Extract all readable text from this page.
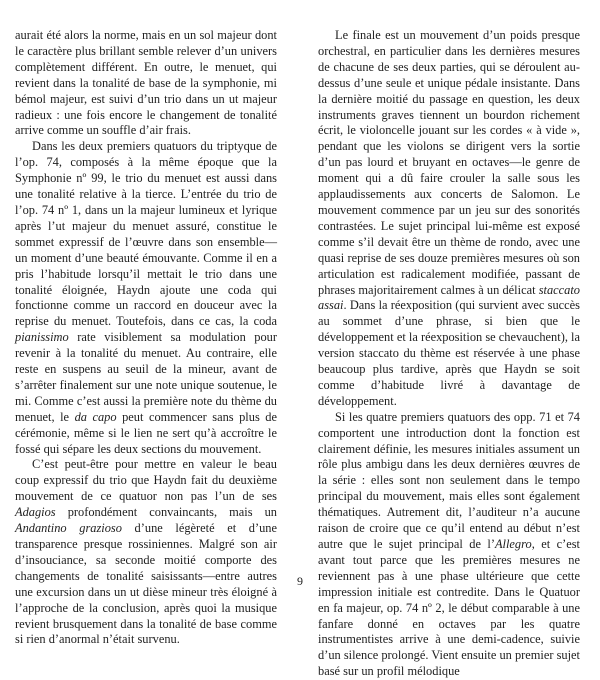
aurait été alors la norme, mais en un sol majeur dont le caractère plus brillant semble relever d’un univers complètement différent. En outre, le menuet, qui revient dans la tonalité de base de la symphonie, mi bémol majeur, est suivi d’un trio dans un ut majeur radieux : une fois encore le changement de tonalité arrive comme un souffle d’air frais.

Dans les deux premiers quatuors du triptyque de l’op. 74, composés à la même époque que la Symphonie nº 99, le trio du menuet est aussi dans une tonalité relative à la tierce. L’entrée du trio de l’op. 74 nº 1, dans un la majeur lumineux et lyrique après l’ut majeur du menuet assuré, constitue le sommet expressif de l’œuvre dans son ensemble—un moment d’une beauté émouvante. Comme il en a pris l’habitude lorsqu’il mettait le trio dans une tonalité éloignée, Haydn ajoute une coda qui fonctionne comme un raccord en douceur avec la reprise du menuet. Toutefois, dans ce cas, la coda pianissimo rate visiblement sa modulation pour revenir à la tonalité du menuet. Au contraire, elle reste en suspens au seuil de la mineur, avant de s’arrêter finalement sur une note unique soutenue, le mi. Comme c’est aussi la première note du thème du menuet, le da capo peut commencer sans plus de cérémonie, même si le lien ne sert qu’à accroître le fossé qui sépare les deux sections du mouvement.

C’est peut-être pour mettre en valeur le beau coup expressif du trio que Haydn fait du deuxième mouvement de ce quatuor non pas l’un de ses Adagios profondément convaincants, mais un Andantino grazioso d’une légèreté et d’une transparence presque rossiniennes. Malgré son air d’insouciance, sa seconde moitié comporte des changements de tonalité saisissants—entre autres une excursion dans un ut dièse mineur très éloigné à l’approche de la conclusion, après quoi la musique revient brusquement dans la tonalité de base comme si rien d’anormal n’était survenu.

Le finale est un mouvement d’un poids presque orchestral, en particulier dans les dernières mesures de chacune de ses deux parties, qui se déroulent au-dessus d’une seule et unique pédale insistante. Dans la dernière moitié du passage en question, les deux instruments graves tiennent un bourdon richement écrit, le violoncelle jouant sur les cordes « à vide », pendant que les violons se dirigent vers la sortie d’un pas lourd et bruyant en octaves—le genre de moment qui a dû faire crouler la salle sous les applaudissements aux concerts de Salomon. Le mouvement commence par un jeu sur des sonorités contrastées. Le sujet principal lui-même est exposé comme s’il devait être un thème de rondo, avec une quasi reprise de ses douze premières mesures où son articulation est radicalement modifiée, passant de phrases majoritairement calmes à un délicat staccato assai. Dans la réexposition (qui survient avec succès au sommet d’une phrase, si bien que le développement et la réexposition se chevauchent), la version staccato du thème est réservée à une phase beaucoup plus tardive, après que Haydn se soit comme d’habitude livré à davantage de développement.

Si les quatre premiers quatuors des opp. 71 et 74 comportent une introduction dont la fonction est clairement définie, les mesures initiales assument un rôle plus ambigu dans les deux dernières œuvres de la série : elles sont non seulement dans le tempo principal du mouvement, mais elles sont également thématiques. Autrement dit, l’auditeur n’a aucune raison de croire que ce qu’il entend au début n’est autre que le sujet principal de l’Allegro, et c’est avant tout parce que les premières mesures ne reviennent pas à une phase ultérieure que cette impression initiale est contredite. Dans le Quatuor en fa majeur, op. 74 nº 2, le début comparable à une fanfare donné en octaves par les quatre instrumentistes arrive à une demi-cadence, suivie d’un silence prolongé. Vient ensuite un premier sujet basé sur un profil mélodique

9
